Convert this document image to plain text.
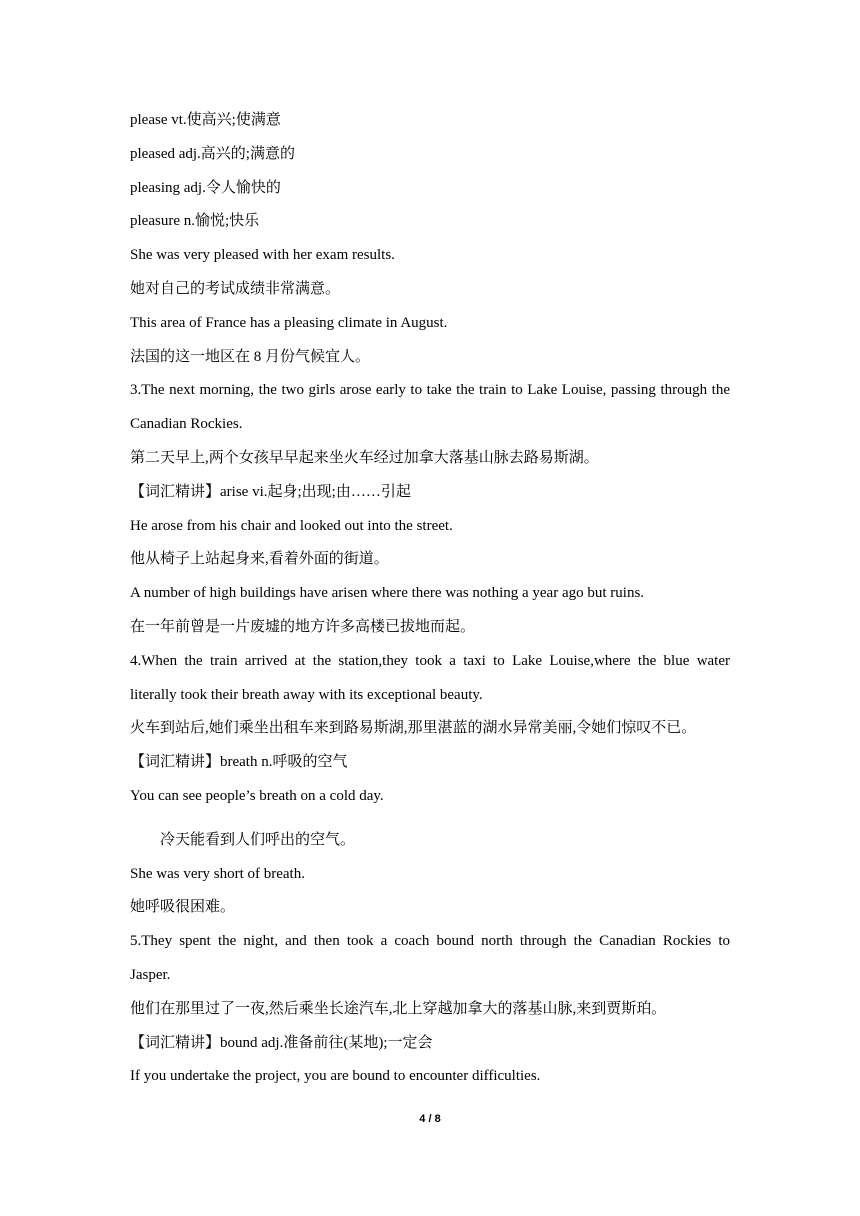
please vt.使高兴;使满意
pleased adj.高兴的;满意的
pleasing adj.令人愉快的
pleasure n.愉悦;快乐
She was very pleased with her exam results.
她对自己的考试成绩非常满意。
This area of France has a pleasing climate in August.
法国的这一地区在 8 月份气候宜人。
3.The next morning, the two girls arose early to take the train to Lake Louise, passing through the
Canadian Rockies.
第二天早上,两个女孩早早起来坐火车经过加拿大落基山脉去路易斯湖。
【词汇精讲】arise vi.起身;出现;由……引起
He arose from his chair and looked out into the street.
他从椅子上站起身来,看着外面的街道。
A number of high buildings have arisen where there was nothing a year ago but ruins.
在一年前曾是一片废墟的地方许多高楼已拔地而起。
4.When the train arrived at the station,they took a taxi to Lake Louise,where the blue water
literally took their breath away with its exceptional beauty.
火车到站后,她们乘坐出租车来到路易斯湖,那里湛蓝的湖水异常美丽,令她们惊叹不已。
【词汇精讲】breath n.呼吸的空气
You can see people’s breath on a cold day.
冷天能看到人们呼出的空气。
She was very short of breath.
她呼吸很困难。
5.They spent the night, and then took a coach bound north through the Canadian Rockies to
Jasper.
他们在那里过了一夜,然后乘坐长途汽车,北上穿越加拿大的落基山脉,来到贾斯珀。
【词汇精讲】bound adj.准备前往(某地);一定会
If you undertake the project, you are bound to encounter difficulties.
4 / 8
